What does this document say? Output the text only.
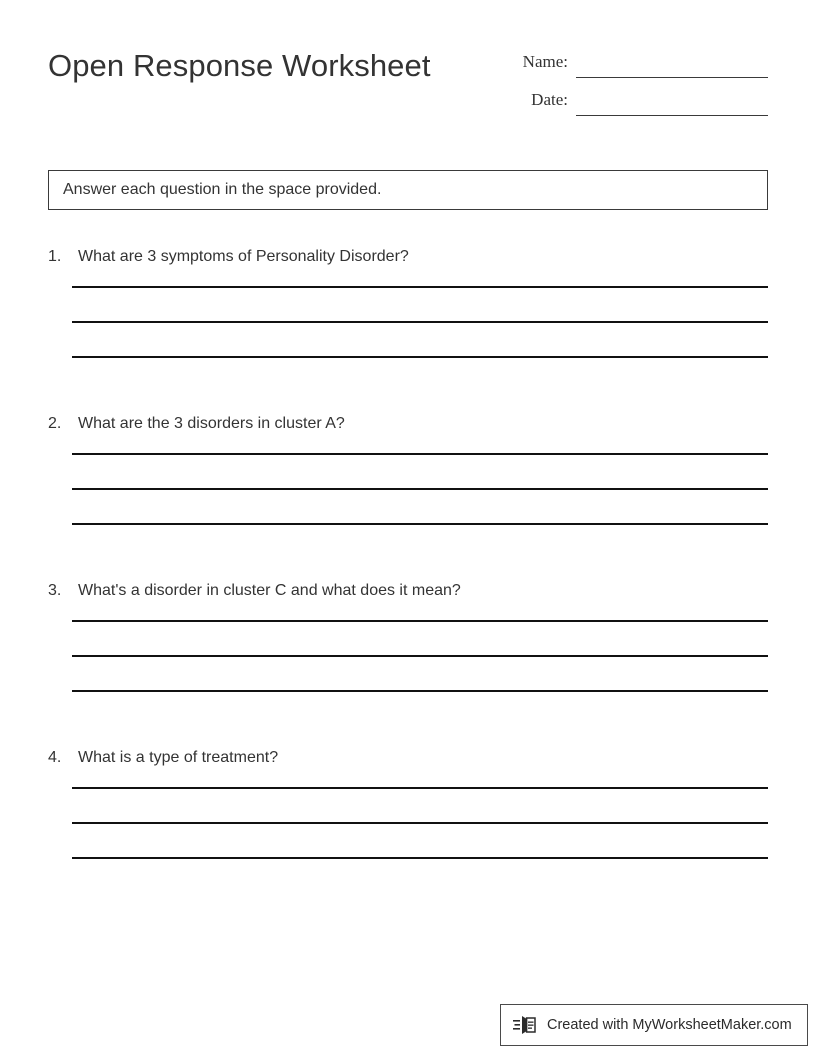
Open Response Worksheet	Name:
Date:
Answer each question in the space provided.
1.	What are 3 symptoms of Personality Disorder?
2.	What are the 3 disorders in cluster A?
3.	What's a disorder in cluster C and what does it mean?
4.	What is a type of treatment?
Created with MyWorksheetMaker.com
